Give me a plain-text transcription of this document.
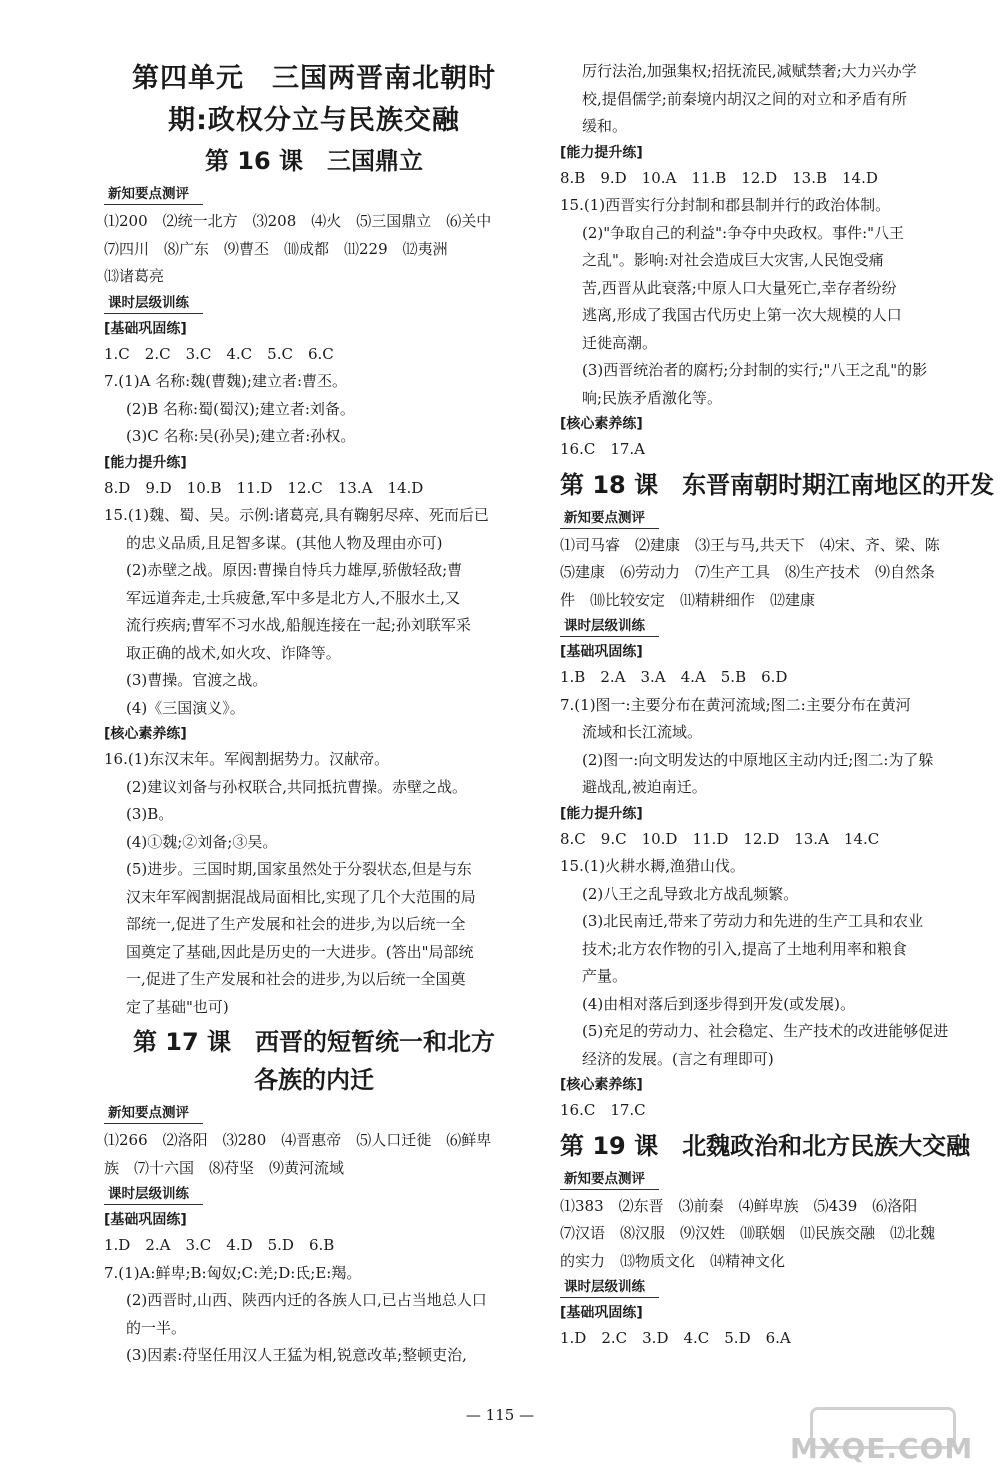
第四单元　三国两晋南北朝时
期:政权分立与民族交融
第 16 课　三国鼎立
新知要点测评
⑴200　⑵统一北方　⑶208　⑷火　⑸三国鼎立　⑹关中
⑺四川　⑻广东　⑼曹丕　⑽成都　⑾229　⑿夷洲
⒀诸葛亮
课时层级训练
[基础巩固练]
1.C　2.C　3.C　4.C　5.C　6.C
7.(1)A 名称:魏(曹魏);建立者:曹丕。
(2)B 名称:蜀(蜀汉);建立者:刘备。
(3)C 名称:吴(孙吴);建立者:孙权。
[能力提升练]
8.D　9.D　10.B　11.D　12.C　13.A　14.D
15.(1)魏、蜀、吴。示例:诸葛亮,具有鞠躬尽瘁、死而后已
的忠义品质,且足智多谋。(其他人物及理由亦可)
(2)赤壁之战。原因:曹操自恃兵力雄厚,骄傲轻敌;曹
军远道奔走,士兵疲惫,军中多是北方人,不服水土,又
流行疾病;曹军不习水战,船舰连接在一起;孙刘联军采
取正确的战术,如火攻、诈降等。
(3)曹操。官渡之战。
(4)《三国演义》。
[核心素养练]
16.(1)东汉末年。军阀割据势力。汉献帝。
(2)建议刘备与孙权联合,共同抵抗曹操。赤壁之战。
(3)B。
(4)①魏;②刘备;③吴。
(5)进步。三国时期,国家虽然处于分裂状态,但是与东
汉末年军阀割据混战局面相比,实现了几个大范围的局
部统一,促进了生产发展和社会的进步,为以后统一全
国奠定了基础,因此是历史的一大进步。(答出"局部统
一,促进了生产发展和社会的进步,为以后统一全国奠
定了基础"也可)
第 17 课　西晋的短暂统一和北方
各族的内迁
新知要点测评
⑴266　⑵洛阳　⑶280　⑷晋惠帝　⑸人口迁徙　⑹鲜卑
族　⑺十六国　⑻苻坚　⑼黄河流域
课时层级训练
[基础巩固练]
1.D　2.A　3.C　4.D　5.D　6.B
7.(1)A:鲜卑;B:匈奴;C:羌;D:氐;E:羯。
(2)西晋时,山西、陕西内迁的各族人口,已占当地总人口
的一半。
(3)因素:苻坚任用汉人王猛为相,锐意改革;整顿吏治,
厉行法治,加强集权;招抚流民,减赋禁奢;大力兴办学
校,提倡儒学;前秦境内胡汉之间的对立和矛盾有所
缓和。
[能力提升练]
8.B　9.D　10.A　11.B　12.D　13.B　14.D
15.(1)西晋实行分封制和郡县制并行的政治体制。
(2)"争取自己的利益":争夺中央政权。事件:"八王
之乱"。影响:对社会造成巨大灾害,人民饱受痛
苦,西晋从此衰落;中原人口大量死亡,幸存者纷纷
逃离,形成了我国古代历史上第一次大规模的人口
迁徙高潮。
(3)西晋统治者的腐朽;分封制的实行;"八王之乱"的影
响;民族矛盾激化等。
[核心素养练]
16.C　17.A
第 18 课　东晋南朝时期江南地区的开发
新知要点测评
⑴司马睿　⑵建康　⑶王与马,共天下　⑷宋、齐、梁、陈
⑸建康　⑹劳动力　⑺生产工具　⑻生产技术　⑼自然条
件　⑽比较安定　⑾精耕细作　⑿建康
课时层级训练
[基础巩固练]
1.B　2.A　3.A　4.A　5.B　6.D
7.(1)图一:主要分布在黄河流域;图二:主要分布在黄河
流域和长江流域。
(2)图一:向文明发达的中原地区主动内迁;图二:为了躲
避战乱,被迫南迁。
[能力提升练]
8.C　9.C　10.D　11.D　12.D　13.A　14.C
15.(1)火耕水耨,渔猎山伐。
(2)八王之乱导致北方战乱频繁。
(3)北民南迁,带来了劳动力和先进的生产工具和农业
技术;北方农作物的引入,提高了土地利用率和粮食
产量。
(4)由相对落后到逐步得到开发(或发展)。
(5)充足的劳动力、社会稳定、生产技术的改进能够促进
经济的发展。(言之有理即可)
[核心素养练]
16.C　17.C
第 19 课　北魏政治和北方民族大交融
新知要点测评
⑴383　⑵东晋　⑶前秦　⑷鲜卑族　⑸439　⑹洛阳
⑺汉语　⑻汉服　⑼汉姓　⑽联姻　⑾民族交融　⑿北魏
的实力　⒀物质文化　⒁精神文化
课时层级训练
[基础巩固练]
1.D　2.C　3.D　4.C　5.D　6.A
— 115 —
MXQE.COM
